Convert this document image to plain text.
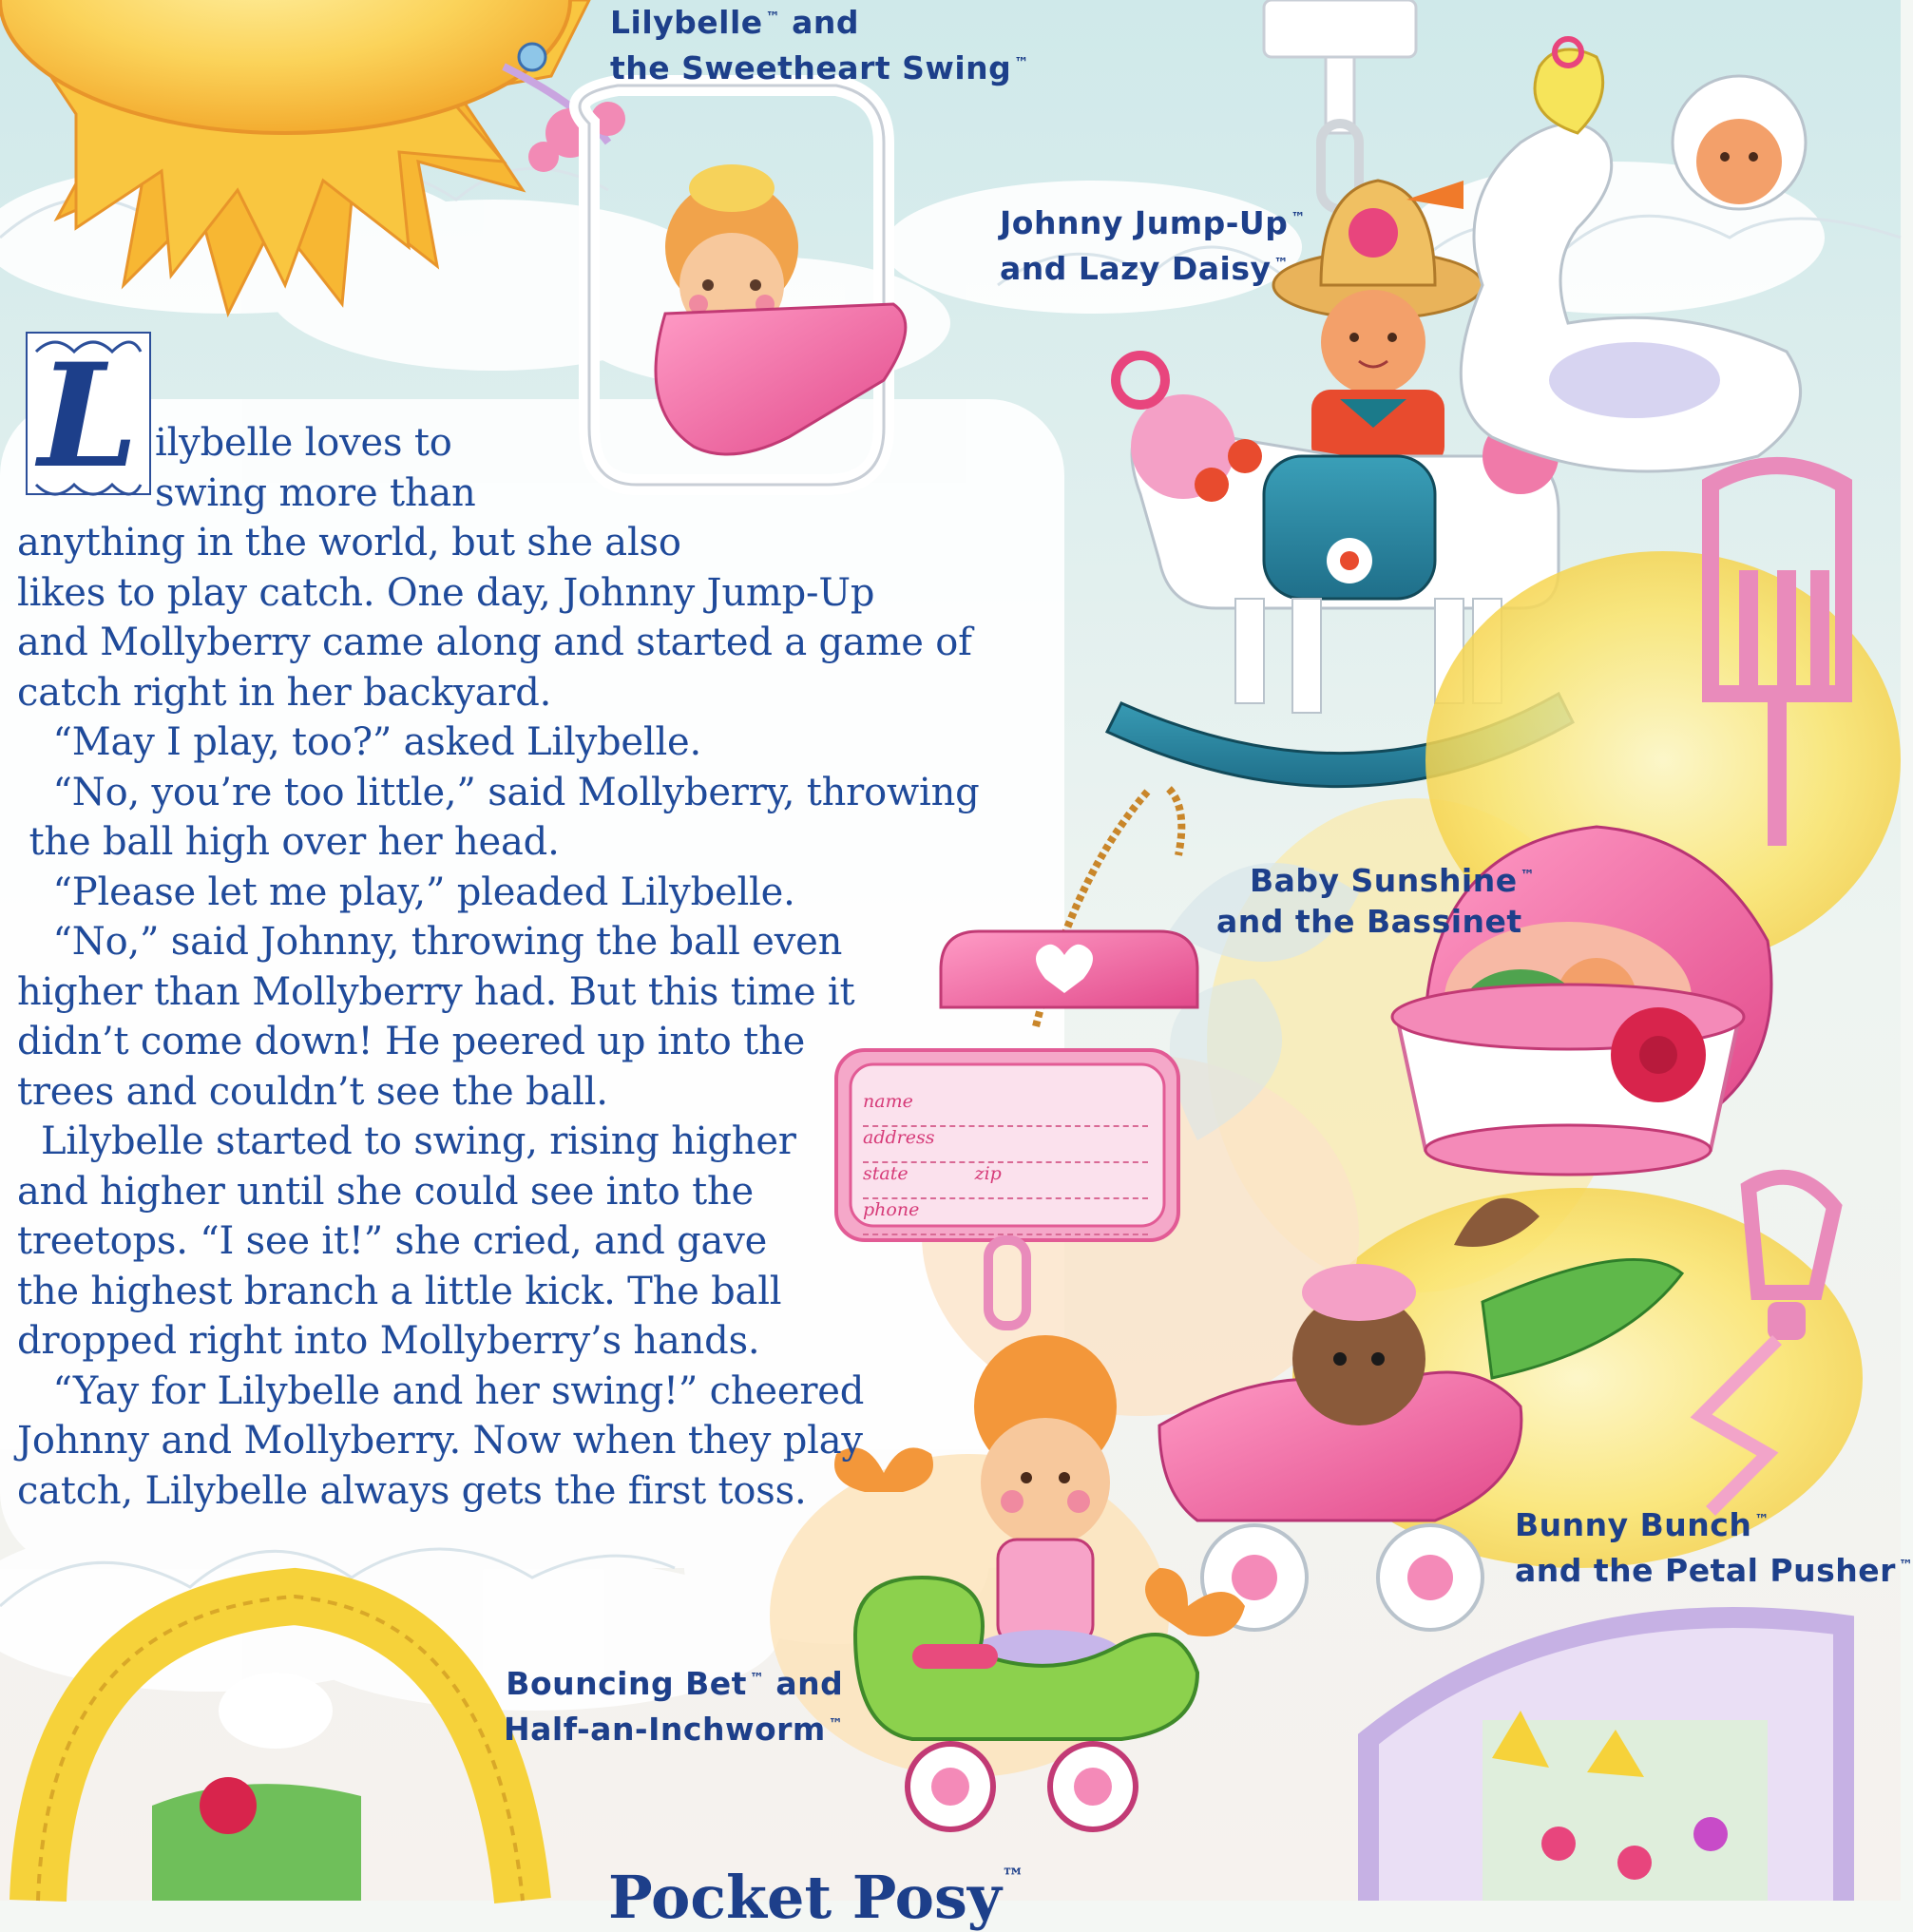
Lilybelle ™ and
the Sweetheart Swing ™
Johnny Jump-Up ™
and Lazy Daisy ™
Baby Sunshine ™
and the Bassinet
Bunny Bunch ™
and the Petal Pusher ™
Bouncing Bet ™ and
Half-an-Inchworm ™
L ilybelle loves to
swing more than
anything in the world, but she also
likes to play catch. One day, Johnny Jump-Up
and Mollyberry came along and started a game of
catch right in her backyard.
“May I play, too?” asked Lilybelle.
“No, you’re too little,” said Mollyberry, throwing
the ball high over her head.
“Please let me play,” pleaded Lilybelle.
“No,” said Johnny, throwing the ball even
higher than Mollyberry had. But this time it
didn’t come down! He peered up into the
trees and couldn’t see the ball.
Lilybelle started to swing, rising higher
and higher until she could see into the
treetops. “I see it!” she cried, and gave
the highest branch a little kick. The ball
dropped right into Mollyberry’s hands.
“Yay for Lilybelle and her swing!” cheered
Johnny and Mollyberry. Now when they play
catch, Lilybelle always gets the first toss.
name
address
state	zip
phone
Pocket Posy™
